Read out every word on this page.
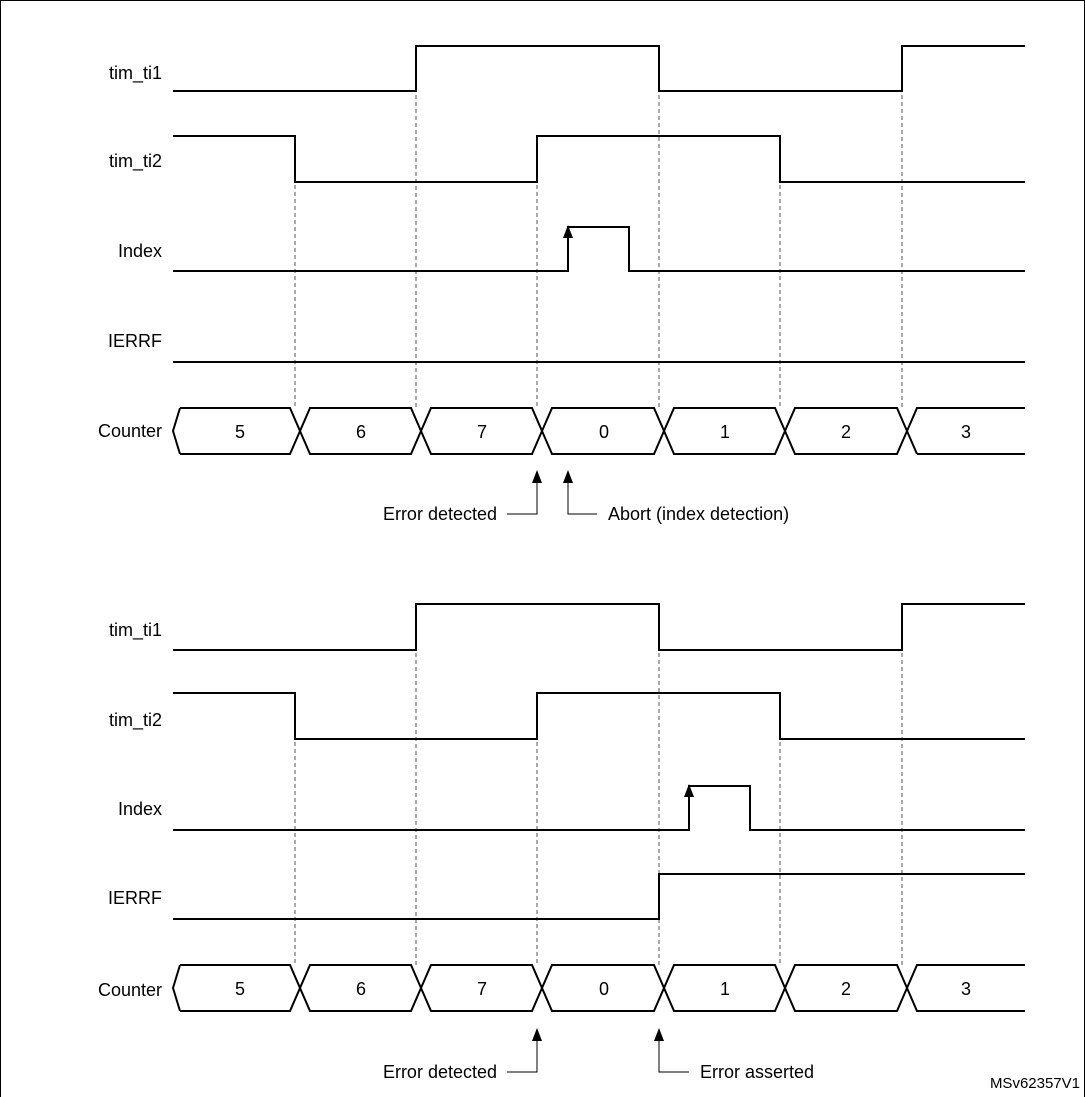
tim_ti1
tim_ti2
Index
IERRF
Counter	5	6	7	0	1	2	3
Error detected	Abort (index detection)
tim_ti1
tim_ti2
Index
IERRF
Counter	5	6	7	0	1	2	3
Error detected	Error asserted
MSv62357V1
